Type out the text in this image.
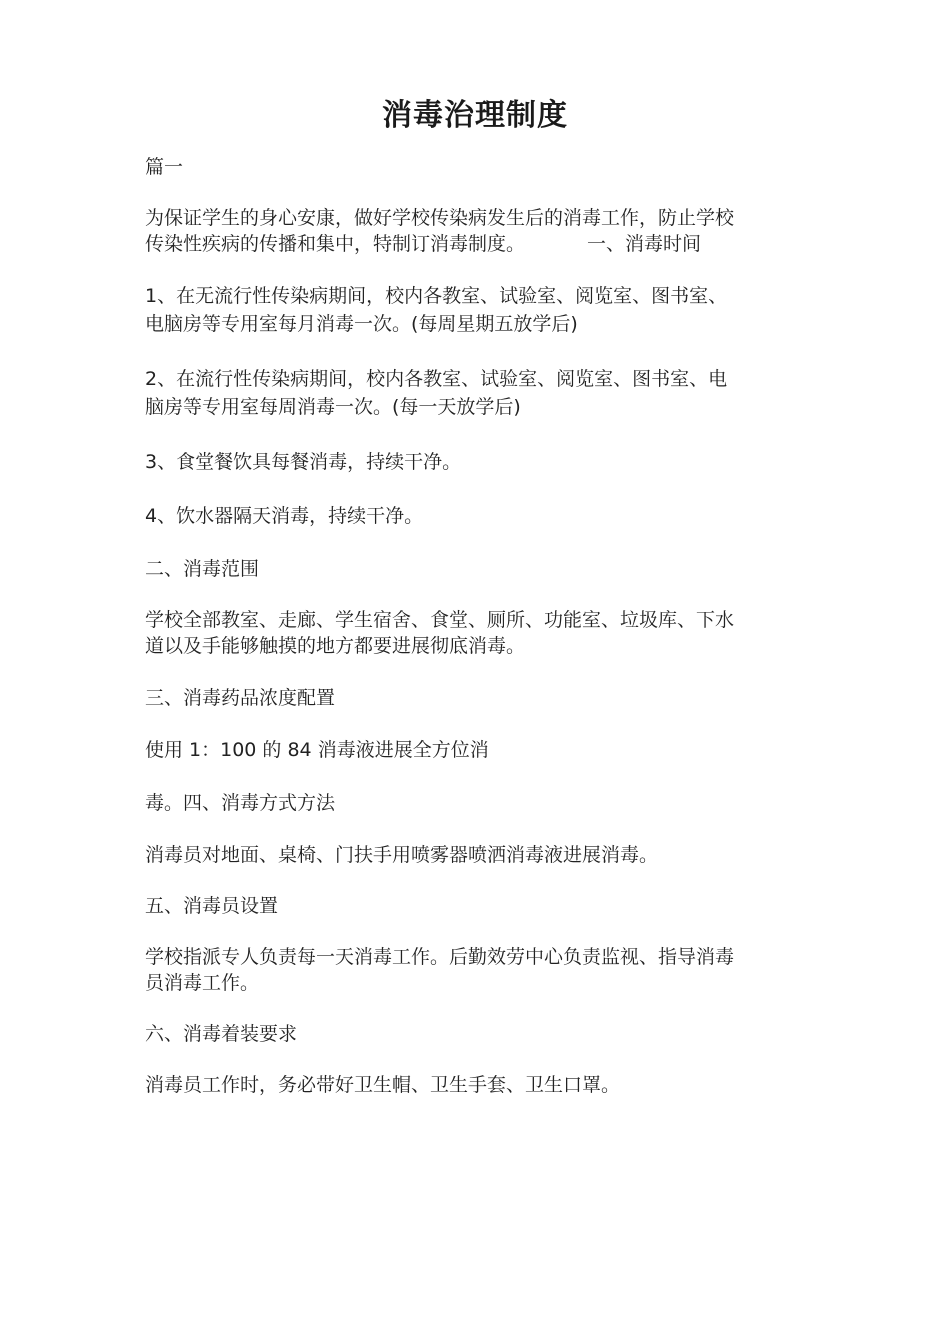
消毒治理制度
篇一
为保证学生的身心安康，做好学校传染病发生后的消毒工作，防止学校
传染性疾病的传播和集中，特制订消毒制度。	一、消毒时间
1、在无流行性传染病期间，校内各教室、试验室、阅览室、图书室、
电脑房等专用室每月消毒一次。(每周星期五放学后)
2、在流行性传染病期间，校内各教室、试验室、阅览室、图书室、电
脑房等专用室每周消毒一次。(每一天放学后)
3、食堂餐饮具每餐消毒，持续干净。
4、饮水器隔天消毒，持续干净。
二、消毒范围
学校全部教室、走廊、学生宿舍、食堂、厕所、功能室、垃圾库、下水
道以及手能够触摸的地方都要进展彻底消毒。
三、消毒药品浓度配置
使用 1：100 的 84 消毒液进展全方位消
毒。四、消毒方式方法
消毒员对地面、桌椅、门扶手用喷雾器喷洒消毒液进展消毒。
五、消毒员设置
学校指派专人负责每一天消毒工作。后勤效劳中心负责监视、指导消毒
员消毒工作。
六、消毒着装要求
消毒员工作时，务必带好卫生帽、卫生手套、卫生口罩。
